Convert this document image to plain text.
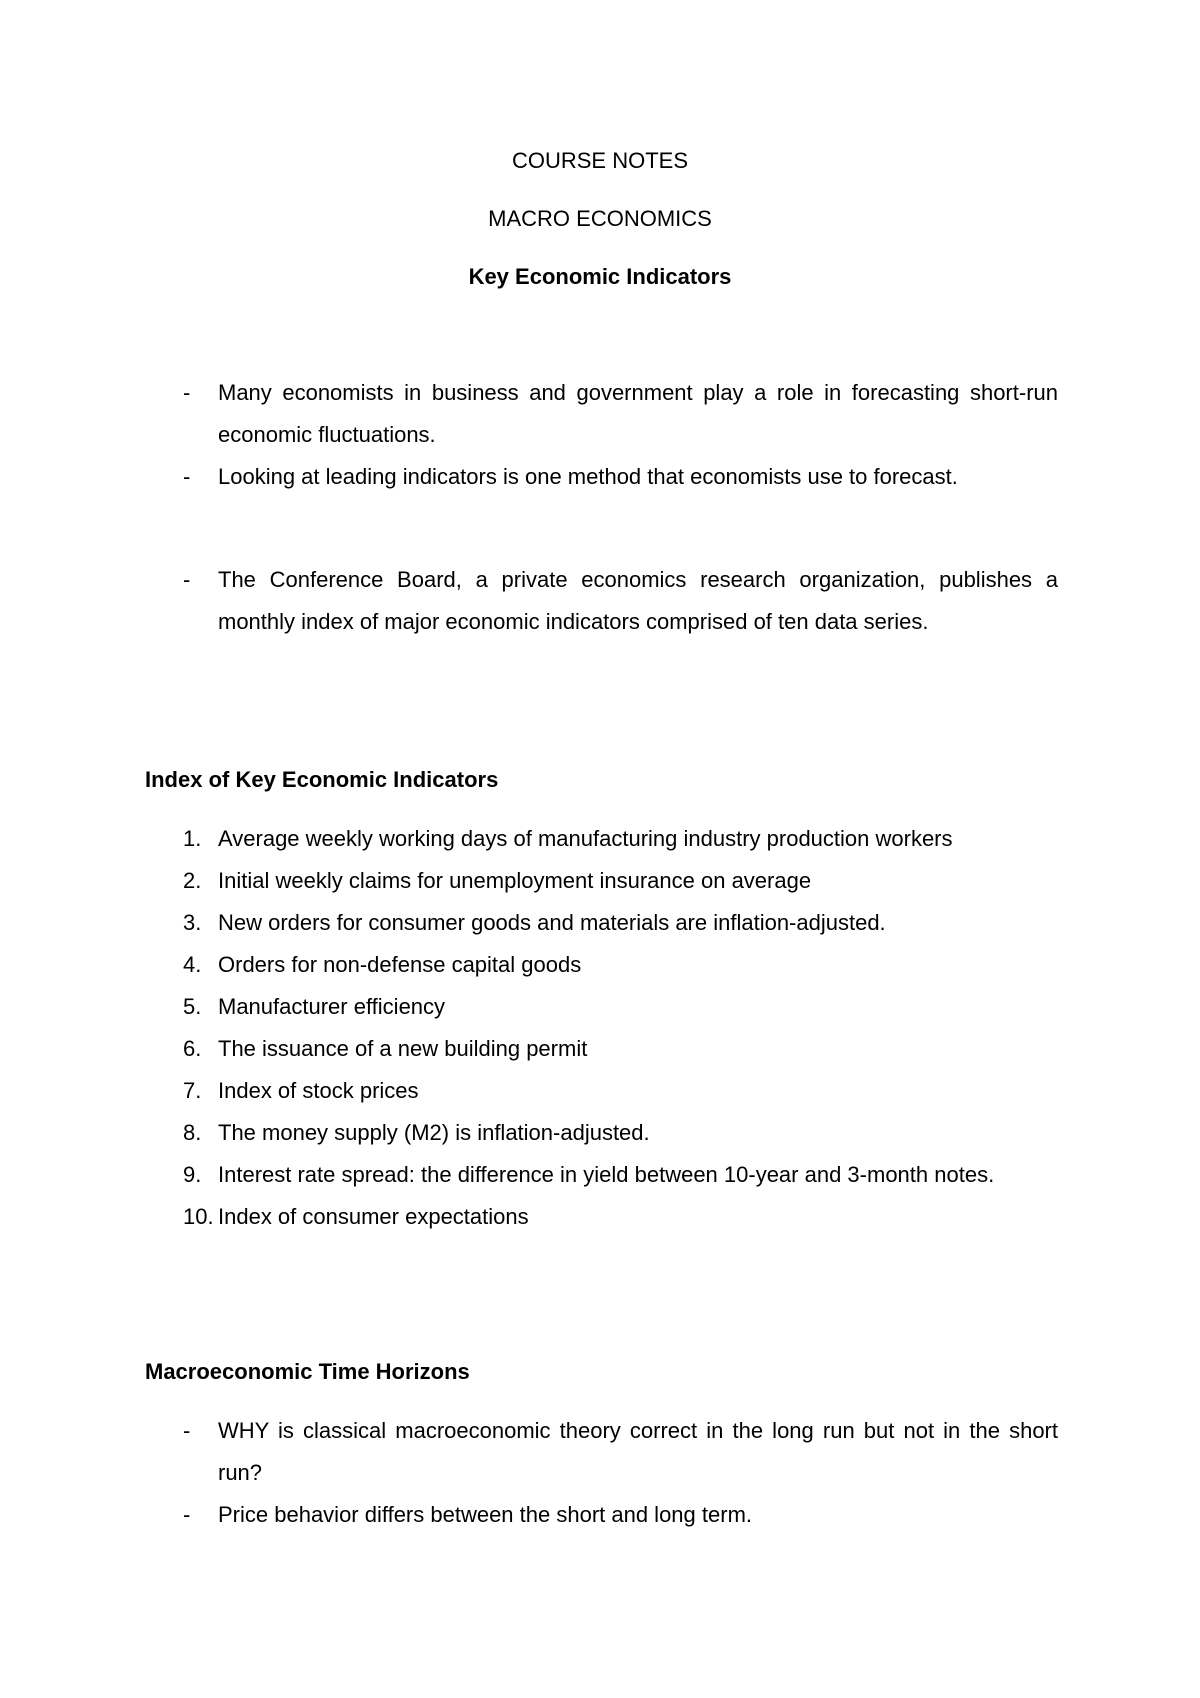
COURSE NOTES
MACRO ECONOMICS
Key Economic Indicators
- Many economists in business and government play a role in forecasting short-run economic fluctuations.
- Looking at leading indicators is one method that economists use to forecast.
- The Conference Board, a private economics research organization, publishes a monthly index of major economic indicators comprised of ten data series.
Index of Key Economic Indicators
1. Average weekly working days of manufacturing industry production workers
2. Initial weekly claims for unemployment insurance on average
3. New orders for consumer goods and materials are inflation-adjusted.
4. Orders for non-defense capital goods
5. Manufacturer efficiency
6. The issuance of a new building permit
7. Index of stock prices
8. The money supply (M2) is inflation-adjusted.
9. Interest rate spread: the difference in yield between 10-year and 3-month notes.
10. Index of consumer expectations
Macroeconomic Time Horizons
- WHY is classical macroeconomic theory correct in the long run but not in the short run?
- Price behavior differs between the short and long term.
